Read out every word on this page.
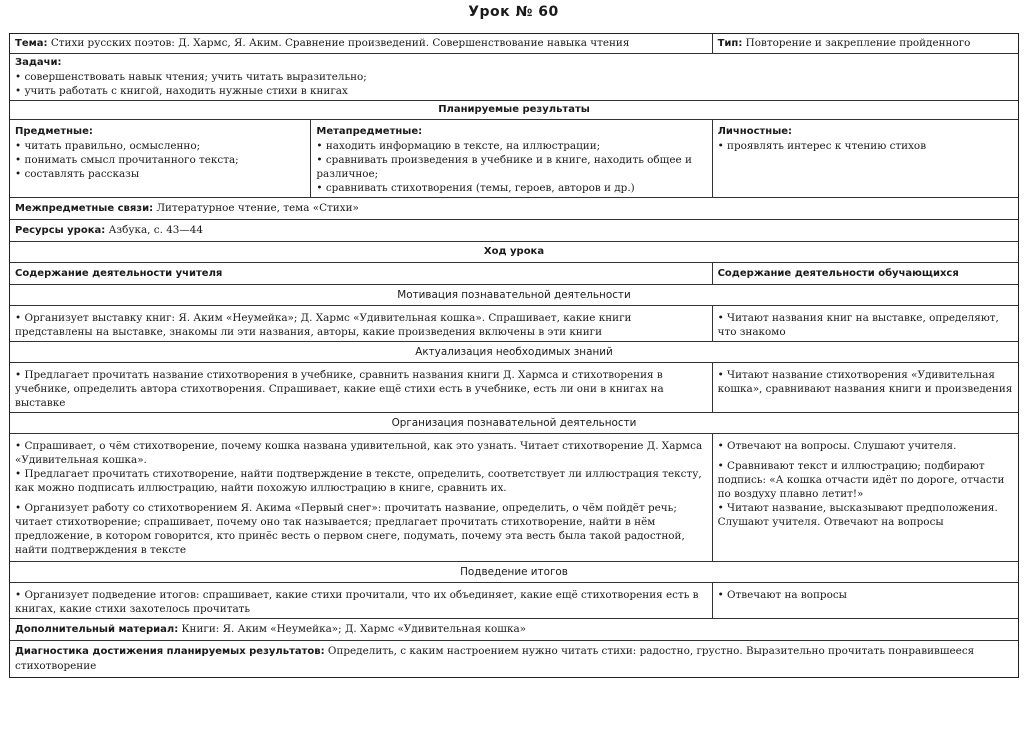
Урок № 60
Тема: Стихи русских поэтов: Д. Хармс, Я. Аким. Сравнение произведений. Совершенствование навыка чтения	Тип: Повторение и закрепление пройденного
Задачи:
• совершенствовать навык чтения; учить читать выразительно;
• учить работать с книгой, находить нужные стихи в книгах
Планируемые результаты
Предметные:
• читать правильно, осмысленно;
• понимать смысл прочитанного текста;
• составлять рассказы
Метапредметные:
• находить информацию в тексте, на иллюстрации;
• сравнивать произведения в учебнике и в книге, находить общее и различное;
• сравнивать стихотворения (темы, героев, авторов и др.)
Личностные:
• проявлять интерес к чтению стихов
Межпредметные связи: Литературное чтение, тема «Стихи»
Ресурсы урока: Азбука, с. 43—44
Ход урока
Содержание деятельности учителя	Содержание деятельности обучающихся
Мотивация познавательной деятельности
• Организует выставку книг: Я. Аким «Неумейка»; Д. Хармс «Удивительная кошка». Спрашивает, какие книги представлены на выставке, знакомы ли эти названия, авторы, какие произведения включены в эти книги
• Читают названия книг на выставке, определяют, что знакомо
Актуализация необходимых знаний
• Предлагает прочитать название стихотворения в учебнике, сравнить названия книги Д. Хармса и стихотворения в учебнике, определить автора стихотворения. Спрашивает, какие ещё стихи есть в учебнике, есть ли они в книгах на выставке
• Читают название стихотворения «Удивительная кошка», сравнивают названия книги и произведения
Организация познавательной деятельности
• Спрашивает, о чём стихотворение, почему кошка названа удивительной, как это узнать. Читает стихотворение Д. Хармса «Удивительная кошка».
• Предлагает прочитать стихотворение, найти подтверждение в тексте, определить, соответствует ли иллюстрация тексту, как можно подписать иллюстрацию, найти похожую иллюстрацию в книге, сравнить их.
• Организует работу со стихотворением Я. Акима «Первый снег»: прочитать название, определить, о чём пойдёт речь; читает стихотворение; спрашивает, почему оно так называется; предлагает прочитать стихотворение, найти в нём предложение, в котором говорится, кто принёс весть о первом снеге, подумать, почему эта весть была такой радостной, найти подтверждения в тексте
• Отвечают на вопросы. Слушают учителя.
• Сравнивают текст и иллюстрацию; подбирают подпись: «А кошка отчасти идёт по дороге, отчасти по воздуху плавно летит!»
• Читают название, высказывают предположения. Слушают учителя. Отвечают на вопросы
Подведение итогов
• Организует подведение итогов: спрашивает, какие стихи прочитали, что их объединяет, какие ещё стихотворения есть в книгах, какие стихи захотелось прочитать
• Отвечают на вопросы
Дополнительный материал: Книги: Я. Аким «Неумейка»; Д. Хармс «Удивительная кошка»
Диагностика достижения планируемых результатов: Определить, с каким настроением нужно читать стихи: радостно, грустно. Выразительно прочитать понравившееся стихотворение
